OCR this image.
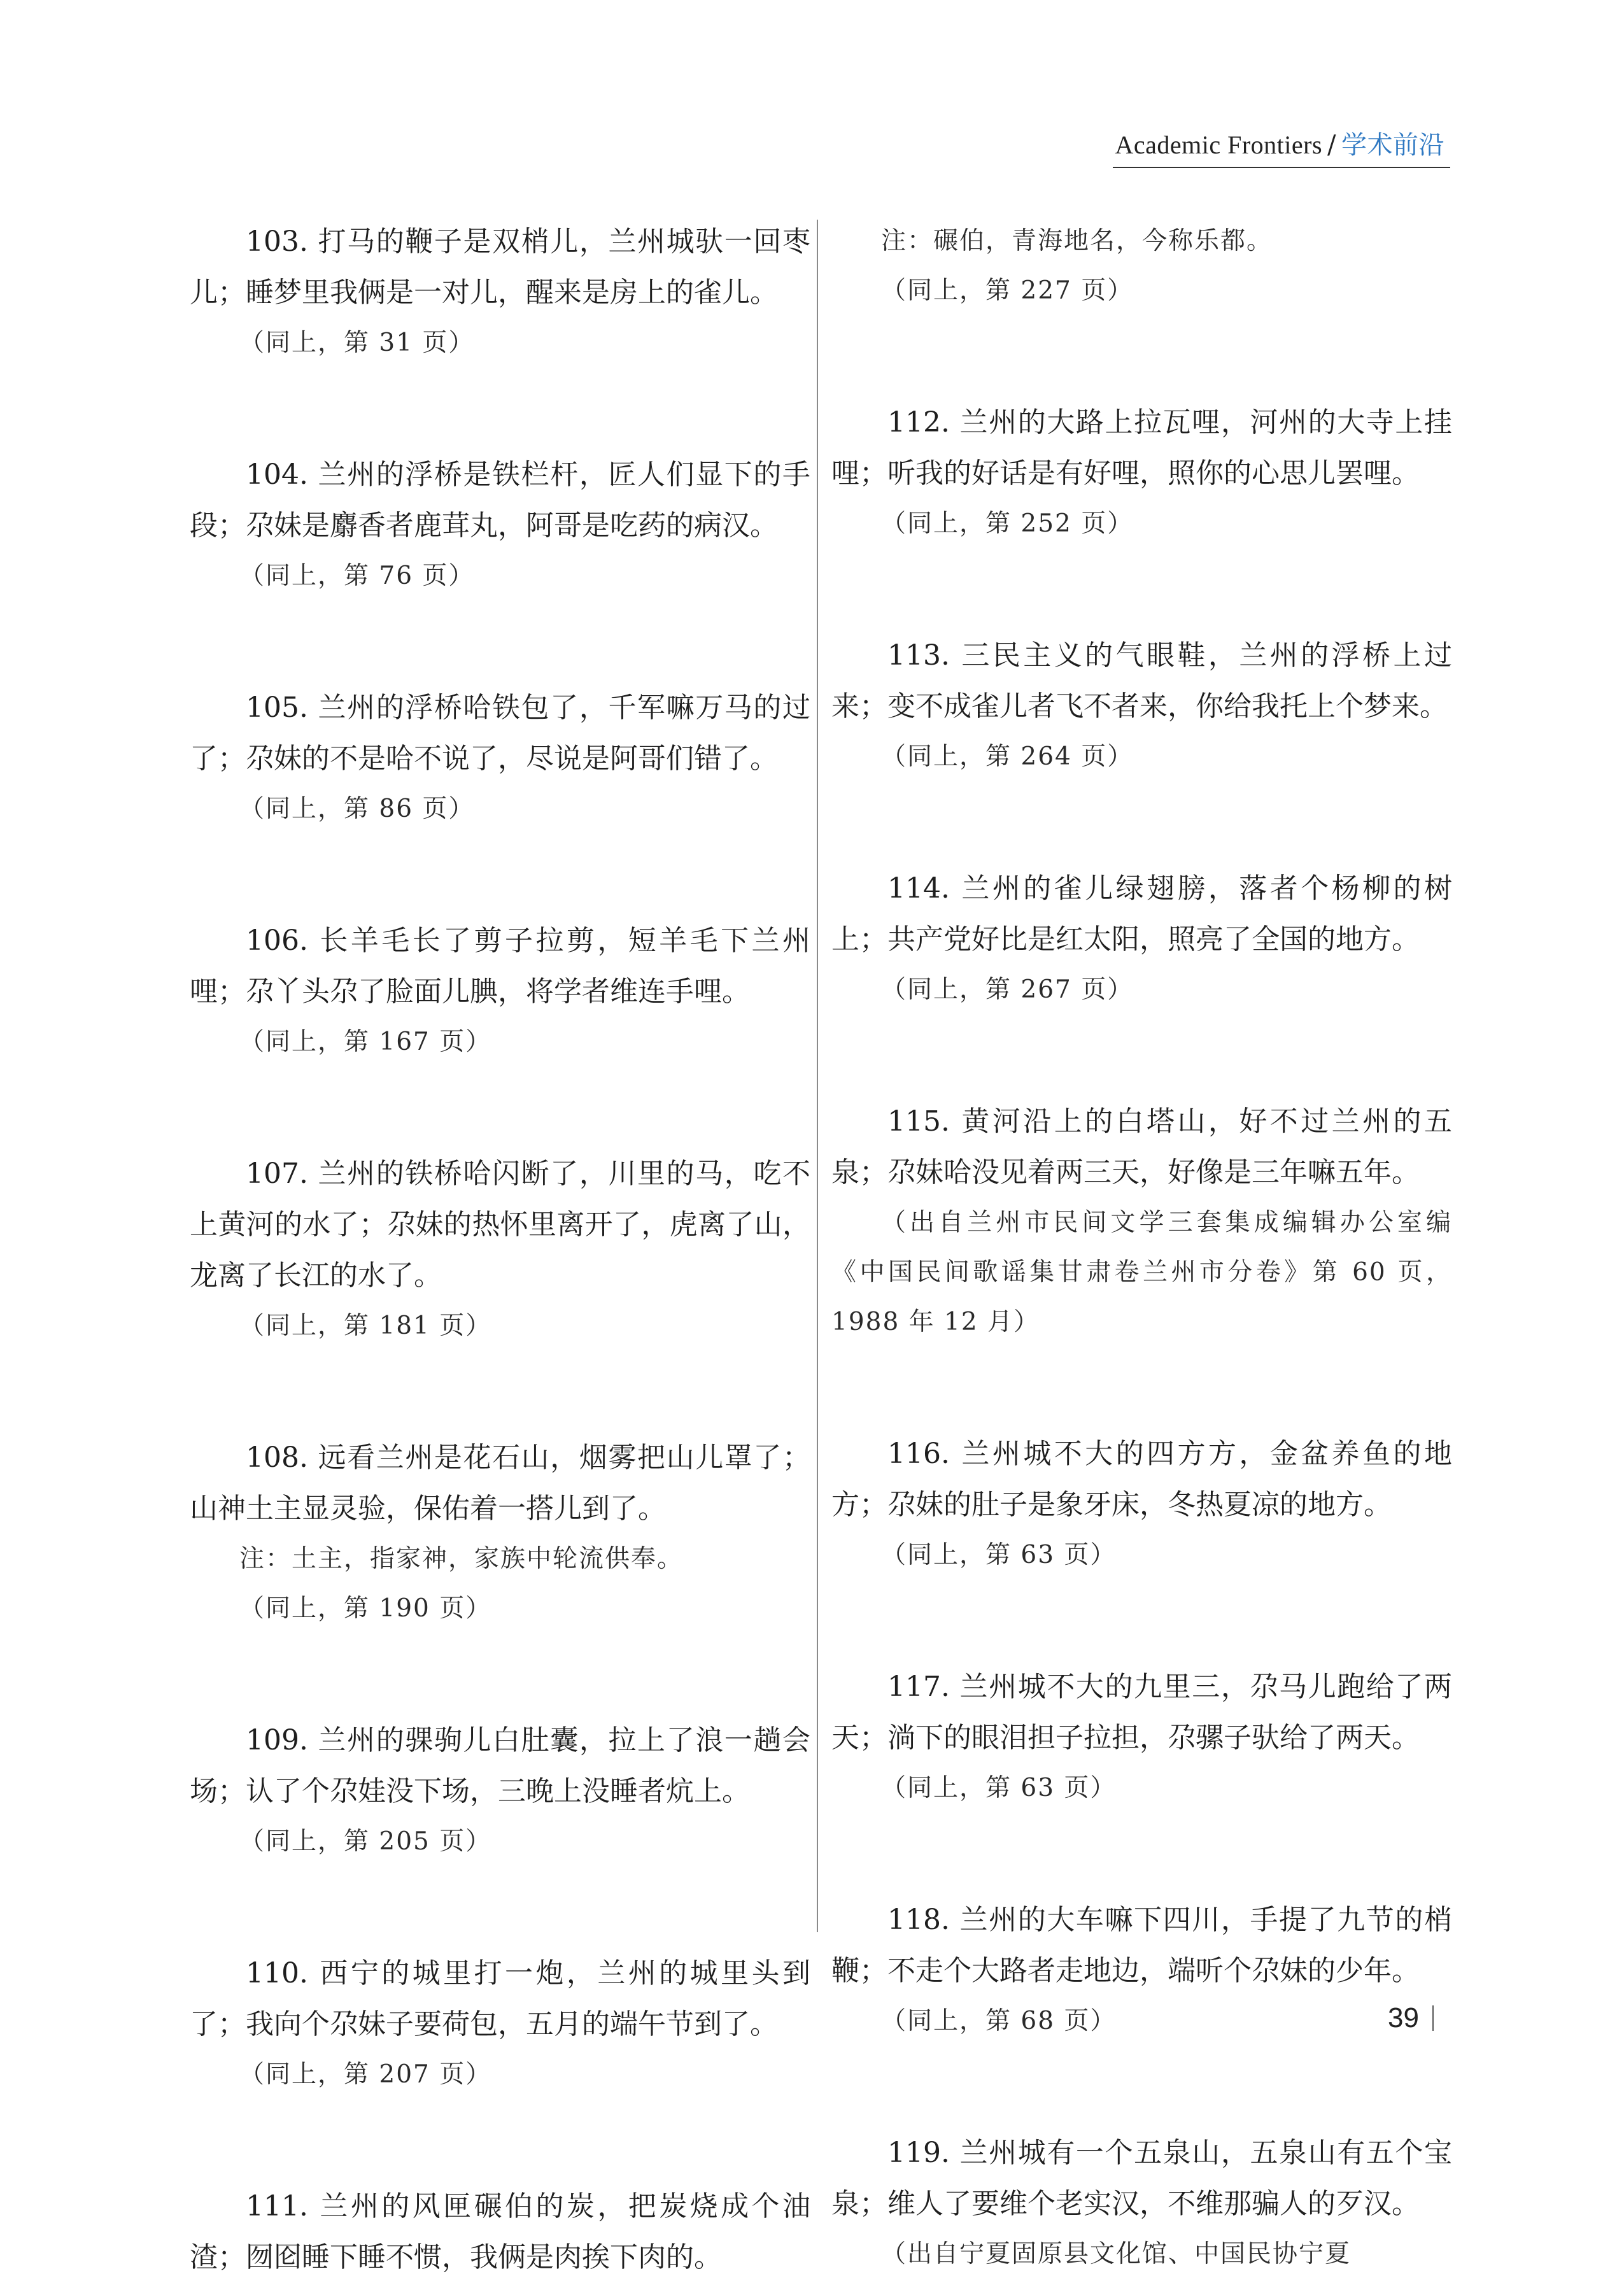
Academic Frontiers / 学术前沿

103. 打马的鞭子是双梢儿，兰州城驮一回枣儿；睡梦里我俩是一对儿，醒来是房上的雀儿。

（同上，第 31 页）

104. 兰州的浮桥是铁栏杆，匠人们显下的手段；尕妹是麝香者鹿茸丸，阿哥是吃药的病汉。

（同上，第 76 页）

105. 兰州的浮桥哈铁包了，千军嘛万马的过了；尕妹的不是哈不说了，尽说是阿哥们错了。

（同上，第 86 页）

106. 长羊毛长了剪子拉剪，短羊毛下兰州哩；尕丫头尕了脸面儿腆，将学者维连手哩。

（同上，第 167 页）

107. 兰州的铁桥哈闪断了，川里的马，吃不上黄河的水了；尕妹的热怀里离开了，虎离了山，龙离了长江的水了。

（同上，第 181 页）

108. 远看兰州是花石山，烟雾把山儿罩了；山神土主显灵验，保佑着一搭儿到了。

注：土主，指家神，家族中轮流供奉。

（同上，第 190 页）

109. 兰州的骒驹儿白肚囊，拉上了浪一趟会场；认了个尕娃没下场，三晚上没睡者炕上。

（同上，第 205 页）

110. 西宁的城里打一炮，兰州的城里头到了；我向个尕妹子要荷包，五月的端午节到了。

（同上，第 207 页）

111. 兰州的风匣碾伯的炭，把炭烧成个油渣；囫囵睡下睡不惯，我俩是肉挨下肉的。

注：碾伯，青海地名，今称乐都。

（同上，第 227 页）

112. 兰州的大路上拉瓦哩，河州的大寺上挂哩；听我的好话是有好哩，照你的心思儿罢哩。

（同上，第 252 页）

113. 三民主义的气眼鞋，兰州的浮桥上过来；变不成雀儿者飞不者来，你给我托上个梦来。

（同上，第 264 页）

114. 兰州的雀儿绿翅膀，落者个杨柳的树上；共产党好比是红太阳，照亮了全国的地方。

（同上，第 267 页）

115. 黄河沿上的白塔山，好不过兰州的五泉；尕妹哈没见着两三天，好像是三年嘛五年。

（出自兰州市民间文学三套集成编辑办公室编《中国民间歌谣集甘肃卷兰州市分卷》第 60 页，1988 年 12 月）

116. 兰州城不大的四方方，金盆养鱼的地方；尕妹的肚子是象牙床，冬热夏凉的地方。

（同上，第 63 页）

117. 兰州城不大的九里三，尕马儿跑给了两天；淌下的眼泪担子拉担，尕骡子驮给了两天。

（同上，第 63 页）

118. 兰州的大车嘛下四川，手提了九节的梢鞭；不走个大路者走地边，端听个尕妹的少年。

（同上，第 68 页）

119. 兰州城有一个五泉山，五泉山有五个宝泉；维人了要维个老实汉，不维那骗人的歹汉。

（出自宁夏固原县文化馆、中国民协宁夏

39
